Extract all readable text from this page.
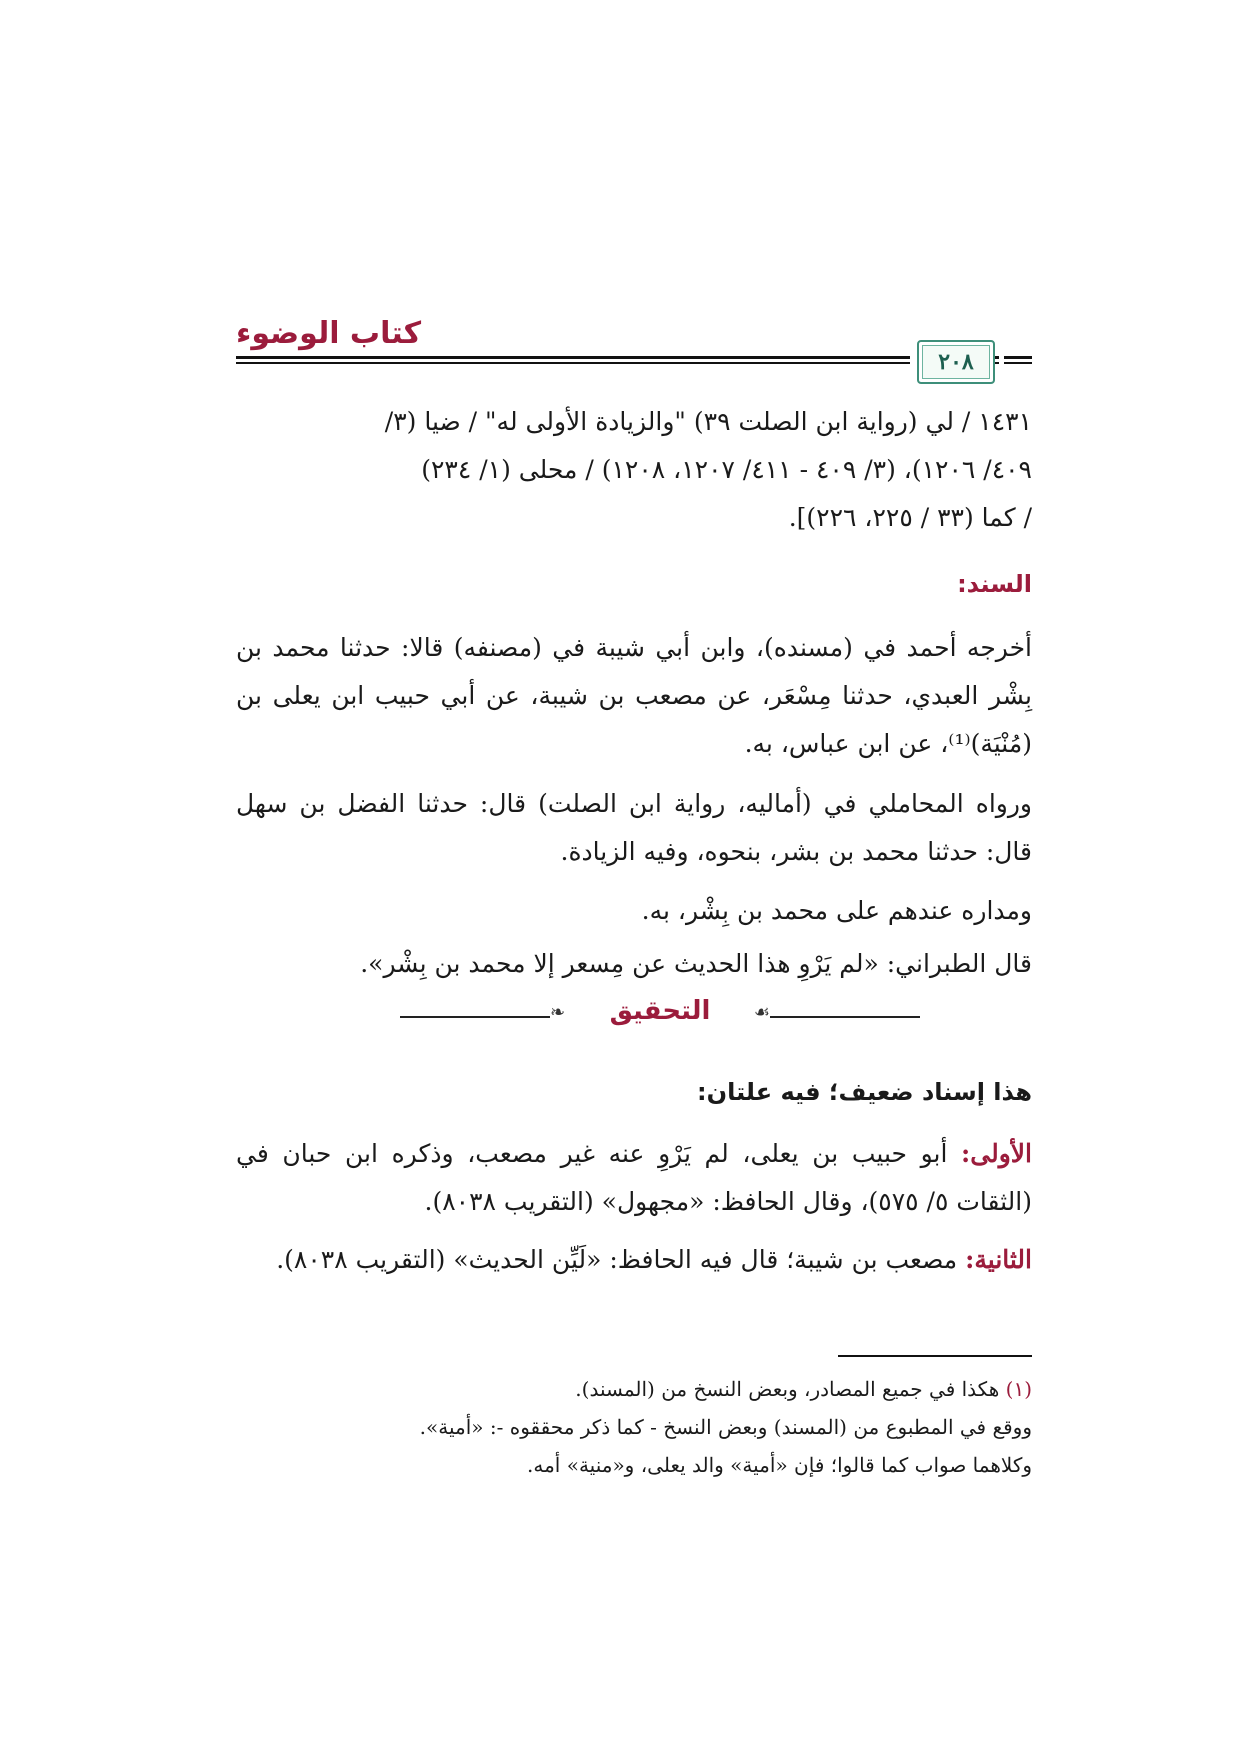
كتاب الوضوء
٢٠٨
١٤٣١ / لي (رواية ابن الصلت ٣٩) "والزيادة الأولى له" / ضيا (٣/
٤٠٩/ ١٢٠٦)، (٣/ ٤٠٩ - ٤١١/ ١٢٠٧، ١٢٠٨) / محلى (١/ ٢٣٤)
/ كما (٣٣ / ٢٢٥، ٢٢٦)].
السند:
أخرجه أحمد في (مسنده)، وابن أبي شيبة في (مصنفه) قالا: حدثنا محمد بن بِشْر العبدي، حدثنا مِسْعَر، عن مصعب بن شيبة، عن أبي حبيب ابن يعلى بن (مُنْيَة)⁽¹⁾، عن ابن عباس، به.
ورواه المحاملي في (أماليه، رواية ابن الصلت) قال: حدثنا الفضل بن سهل قال: حدثنا محمد بن بشر، بنحوه، وفيه الزيادة.
ومداره عندهم على محمد بن بِشْر، به.
قال الطبراني: «لم يَرْوِ هذا الحديث عن مِسعر إلا محمد بن بِشْر».
❧	☙
التحقيق
هذا إسناد ضعيف؛ فيه علتان:
الأولى: أبو حبيب بن يعلى، لم يَرْوِ عنه غير مصعب، وذكره ابن حبان في (الثقات ٥/ ٥٧٥)، وقال الحافظ: «مجهول» (التقريب ٨٠٣٨).
الثانية: مصعب بن شيبة؛ قال فيه الحافظ: «لَيِّن الحديث» (التقريب ٨٠٣٨).
(١) هكذا في جميع المصادر، وبعض النسخ من (المسند).
ووقع في المطبوع من (المسند) وبعض النسخ - كما ذكر محققوه -: «أمية».
وكلاهما صواب كما قالوا؛ فإن «أمية» والد يعلى، و«منية» أمه.
